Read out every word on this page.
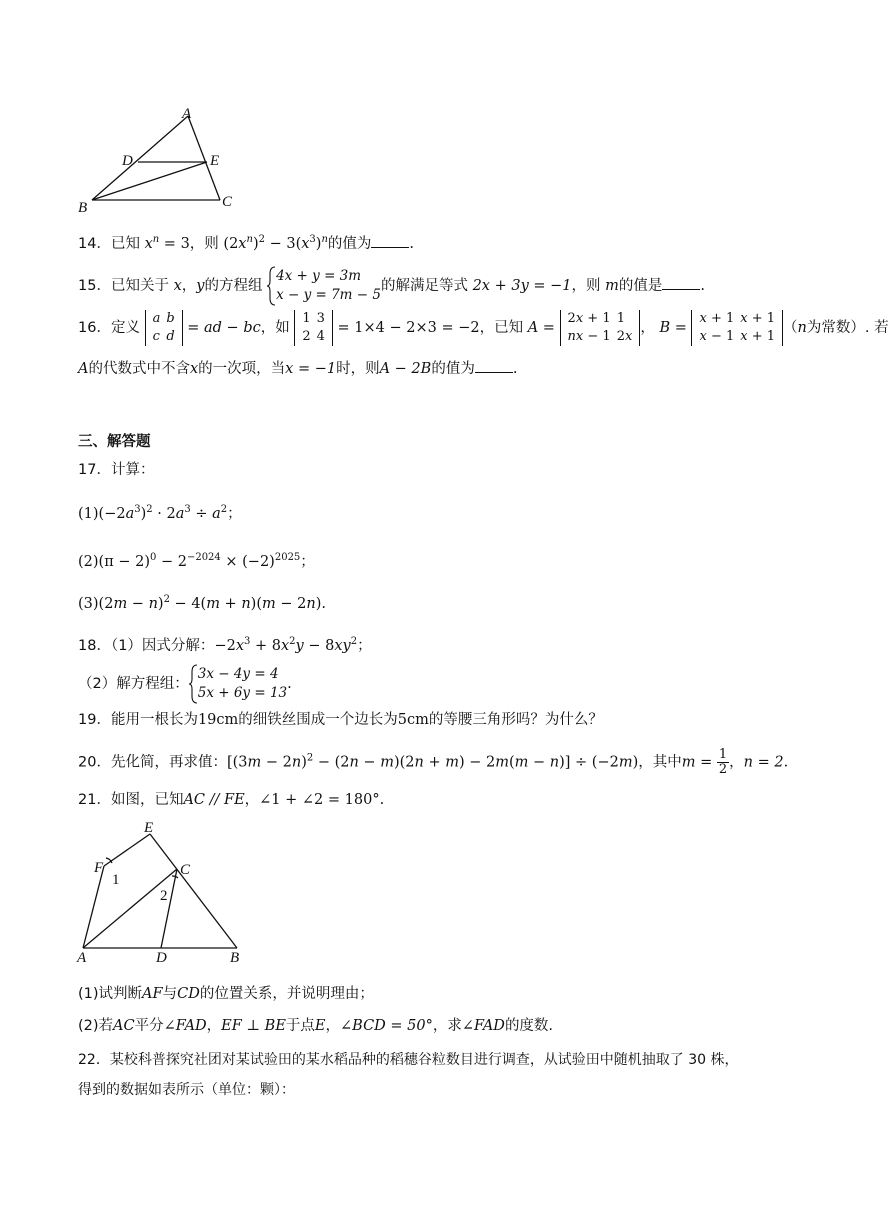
A
B	C
D	E
14．已知 $x^n = 3$，则 $(2x^n)^2 - 3(x^3)^n$的值为	.
15．已知关于 x，y的方程组 4x + y = 3m
x − y = 7m − 5的解满足等式 2x + 3y = −1，则 m的值是	.
16．定义
a	b
c	d
= ad − bc，如
1	3
2	4
= 1×4 − 2×3 = −2，已知 A =
2x + 1	1
nx − 1	2x
， B =
x + 1	x + 1
x − 1	x + 1
（n为常数）. 若
A的代数式中不含x的一次项，当x = −1时，则A − 2B的值为	.
三、解答题
17．计算：
$(1)(-2a^3)^2 \cdot 2a^3 \div a^2$；
$(2)(\pi - 2)^0 - 2^{-2024} \times (-2)^{2025}$；
$(3)(2m - n)^2 - 4(m + n)(m - 2n)$.
18．（1）因式分解：$-2x^3 + 8x^2y - 8xy^2$；
（2）解方程组：3x − 4y = 4
5x + 6y = 13.
19．能用一根长为19cm的细铁丝围成一个边长为5cm的等腰三角形吗？为什么？
20．先化简，再求值：$[(3m - 2n)^2 - (2n - m)(2n + m) - 2m(m - n)] \div (-2m)$，其中$m = \frac{1}{2}$ ，n = 2.
21．如图，已知AC // FE，∠1 + ∠2 = 180°.
E
F	C
A	D	B
1
2
(1)试判断AF与CD的位置关系，并说明理由；
(2)若AC平分∠FAD，EF ⊥ BE于点E，∠BCD = 50°，求∠FAD的度数.
22．某校科普探究社团对某试验田的某水稻品种的稻穗谷粒数目进行调查，从试验田中随机抽取了 30 株，
得到的数据如表所示（单位：颗）：
